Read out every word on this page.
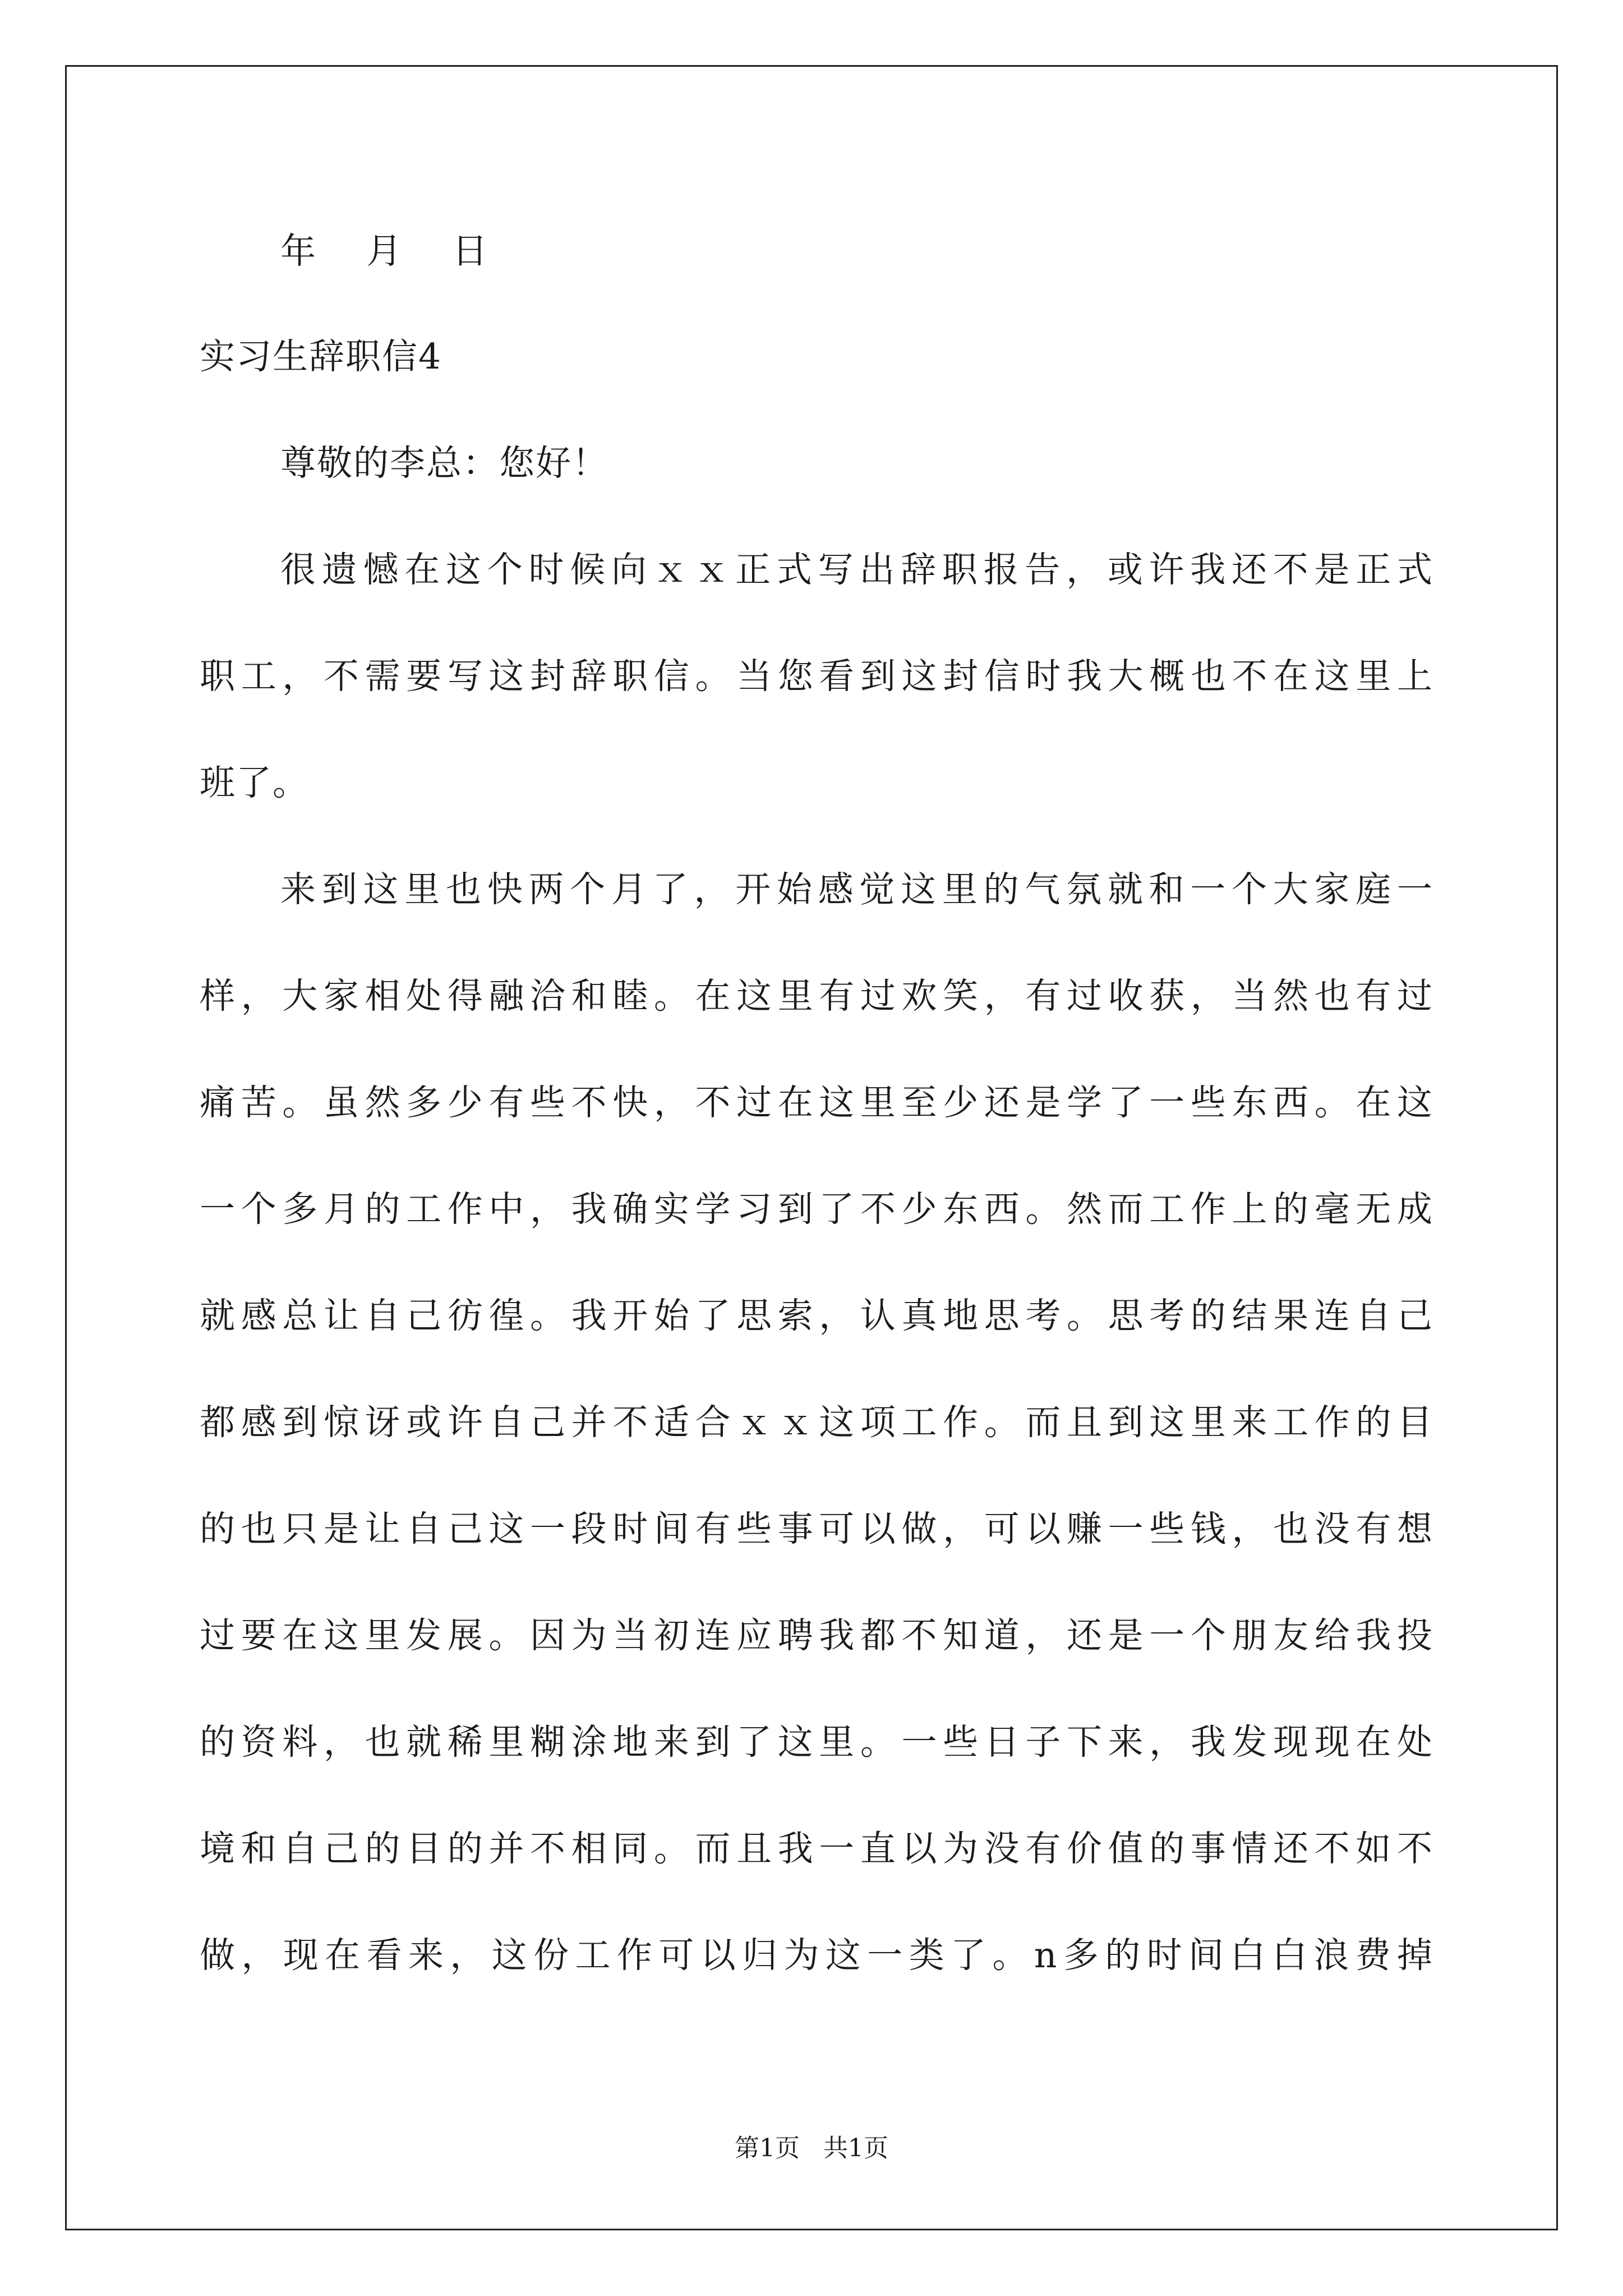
年    月    日
实习生辞职信4
尊敬的李总：您好！
很遗憾在这个时候向ｘｘ正式写出辞职报告，或许我还不是正式
职工，不需要写这封辞职信。当您看到这封信时我大概也不在这里上
班了。
来到这里也快两个月了，开始感觉这里的气氛就和一个大家庭一
样，大家相处得融洽和睦。在这里有过欢笑，有过收获，当然也有过
痛苦。虽然多少有些不快，不过在这里至少还是学了一些东西。在这
一个多月的工作中，我确实学习到了不少东西。然而工作上的毫无成
就感总让自己彷徨。我开始了思索，认真地思考。思考的结果连自己
都感到惊讶或许自己并不适合ｘｘ这项工作。而且到这里来工作的目
的也只是让自己这一段时间有些事可以做，可以赚一些钱，也没有想
过要在这里发展。因为当初连应聘我都不知道，还是一个朋友给我投
的资料，也就稀里糊涂地来到了这里。一些日子下来，我发现现在处
境和自己的目的并不相同。而且我一直以为没有价值的事情还不如不
做，现在看来，这份工作可以归为这一类了。n多的时间白白浪费掉
第1页   共1页
